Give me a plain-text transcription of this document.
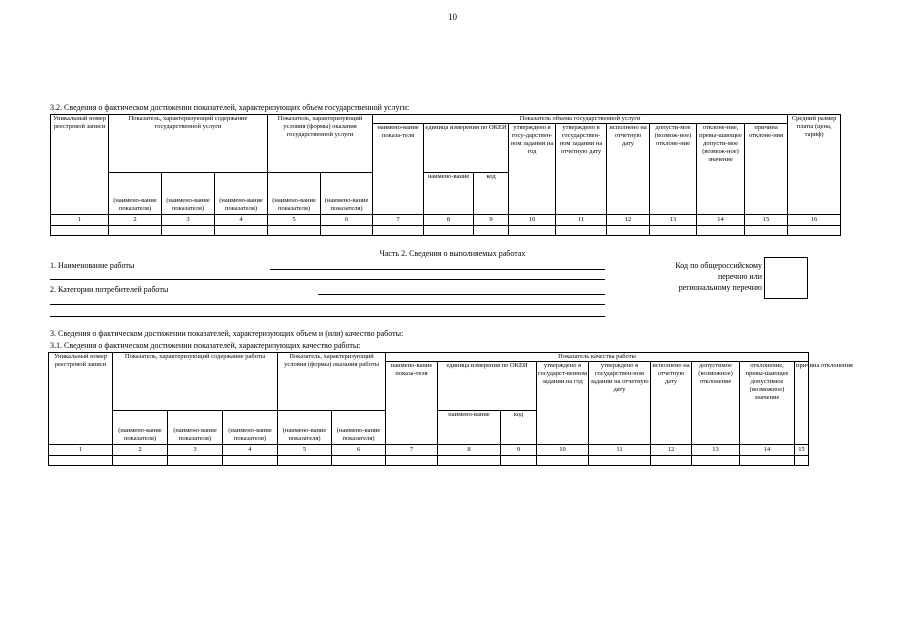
10
3.2. Сведения о фактическом достижении показателей, характеризующих объем государственной услуги:
Уникальный номер реестровой записи	Показатель, характеризующий содержание государственной услуги			Показатель, характеризующий условия (формы) оказания государственной услуги		Показатель объема государственной услуги									Средний размер платы (цена, тариф)
						наимено-вание показа-теля	единица измерения по ОКЕИ		утверждено в госу-дарствен-ном задании на год	утверждено в государствен-ном задании на отчетную дату	исполнено на отчетную дату	допусти-мое (возмож-ное) отклоне-ние	отклоне-ние, превы-шающее допусти-мое (возмож-ное) значение	причина отклоне-ния	
	(наимено-вание показателя)	(наимено-вание показателя)	(наимено-вание показателя)	(наимено-вание показателя)	(наимено-вание показателя)		наимено-вание	код							
1	2	3	4	5	6	7	8	9	10	11	12	13	14	15	16

Часть 2. Сведения о выполняемых работах
1. Наименование работы
2. Категории потребителей работы
Код по общероссийскому
перечню или
региональному перечню
3. Сведения о фактическом достижении показателей, характеризующих объем и (или) качество работы:
3.1. Сведения о фактическом достижении показателей, характеризующих качество работы:
Уникальный номер реестровой записи	Показатель, характеризующий содержание работы			Показатель, характеризующий условия (формы) оказания работы		Показатель качества работы								
						наимено-вание показа-теля	единица измерения по ОКЕИ		утверждено в государст-венном задании на год	утверждено в государствен-ном задании на отчетную дату	исполнено на отчетную дату	допустимое (возможное) отклонение	отклонение, превы-шающее допустимое (возможное) значение	причина отклонения
	(наимено-вание показателя)	(наимено-вание показателя)	(наимено-вание показателя)	(наимено-вание показателя)	(наимено-вание показателя)		наимено-вание	код						
1	2	3	4	5	6	7	8	9	10	11	12	13	14	15
